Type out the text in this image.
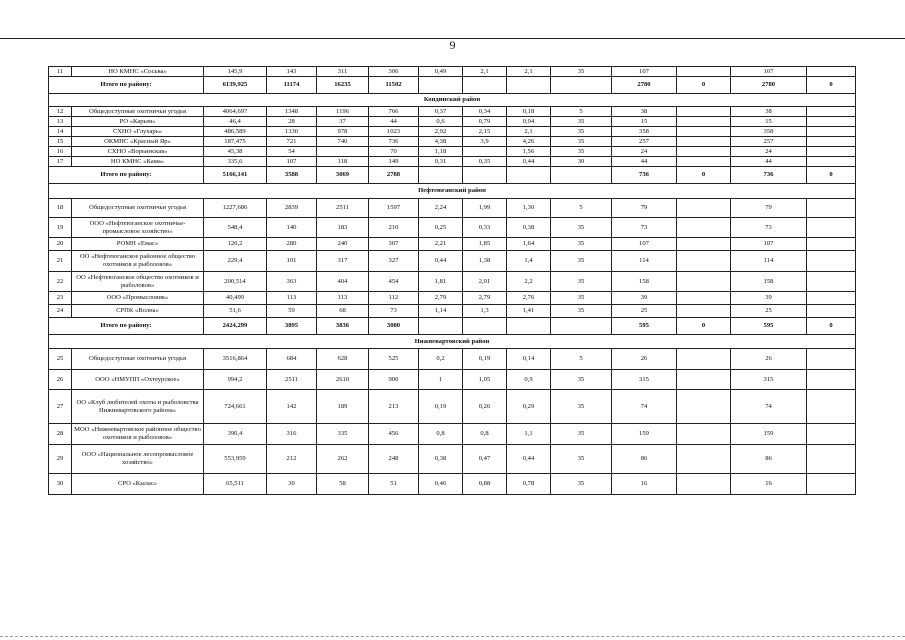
9
11	НО КМНС «Сосьва»	145,9	143	311	306	0,49	2,1	2,1	35	107		107	
Итого по району:		6139,925	11174	16235	11502					2780	0	2780	0
Кондинский район													
12	Общедоступные охотничьи угодья	4064,697	1348	1196	766	0,37	0,34	0,18	5	38		38	
13	РО «Карым»	46,4	28	37	44	0,6	0,79	0,94	35	15		15	
14	СХНО «Глухарь»	486,589	1330	978	1023	2,92	2,15	2,1	35	358		358	
15	ОКМНС «Красный Яр»	187,475	721	740	736	4,38	3,9	4,26	35	257		257	
16	СХНО «Ворьинская»	45,38	54		70	1,18		1,56	35	24		24	
17	НО КМНС «Кама»	335,6	107	118	149	0,31	0,35	0,44	30	44		44	
Итого по району:		5166,141	3588	3069	2788					736	0	736	0
Нефтеюганский район													
18	Общедоступные охотничьи угодья	1227,686	2839	2511	1597	2,24	1,99	1,30	5	79		79	
19	ООО «Нефтеюганское охотничье-промысловое хозяйство»	548,4	140	183	210	0,25	0,33	0,38	35	73		73	
20	РОМН «Емас»	126,2	280	240	307	2,21	1,85	1,64	35	107		107	
21	ОО «Нефтеюганское районное общество охотников и рыболовов»	229,4	101	317	327	0,44	1,38	1,4	35	114		114	
22	ОО «Нефтеюганское общество охотников и рыболовов»	200,514	363	404	454	1,81	2,01	2,2	35	158		158	
23	ООО «Промысловик»	40,499	113	113	112	2,79	2,79	2,76	35	39		39	
24	СРПК «Волна»	51,6	59	68	73	1,14	1,3	1,41	35	25		25	
Итого по району:		2424,299	3895	3836	3080					595	0	595	0
Нижневартовский район													
25	Общедоступные охотничьи угодья	3516,864	684	628	525	0,2	0,19	0,14	5	26		26	
26	ООО «НМУПП «Охтеурское»	994,2	2511	2610	900	1	1,05	0,9	35	315		315	
27	ОО «Клуб любителей охоты и рыболовства Нижневартовского района»	724,661	142	189	213	0,19	0,26	0,29	35	74		74	
28	МОО «Нижневартовское районное общество охотников и рыболовов»	390,4	316	335	456	0,8	0,8	1,1	35	159		159	
29	ООО «Национальное лесопромысловое хозяйство»	553,959	212	262	248	0,38	0,47	0,44	35	86		86	
30	СРО «Кылас»	65,511	30	58	51	0,46	0,88	0,78	35	16		16	
